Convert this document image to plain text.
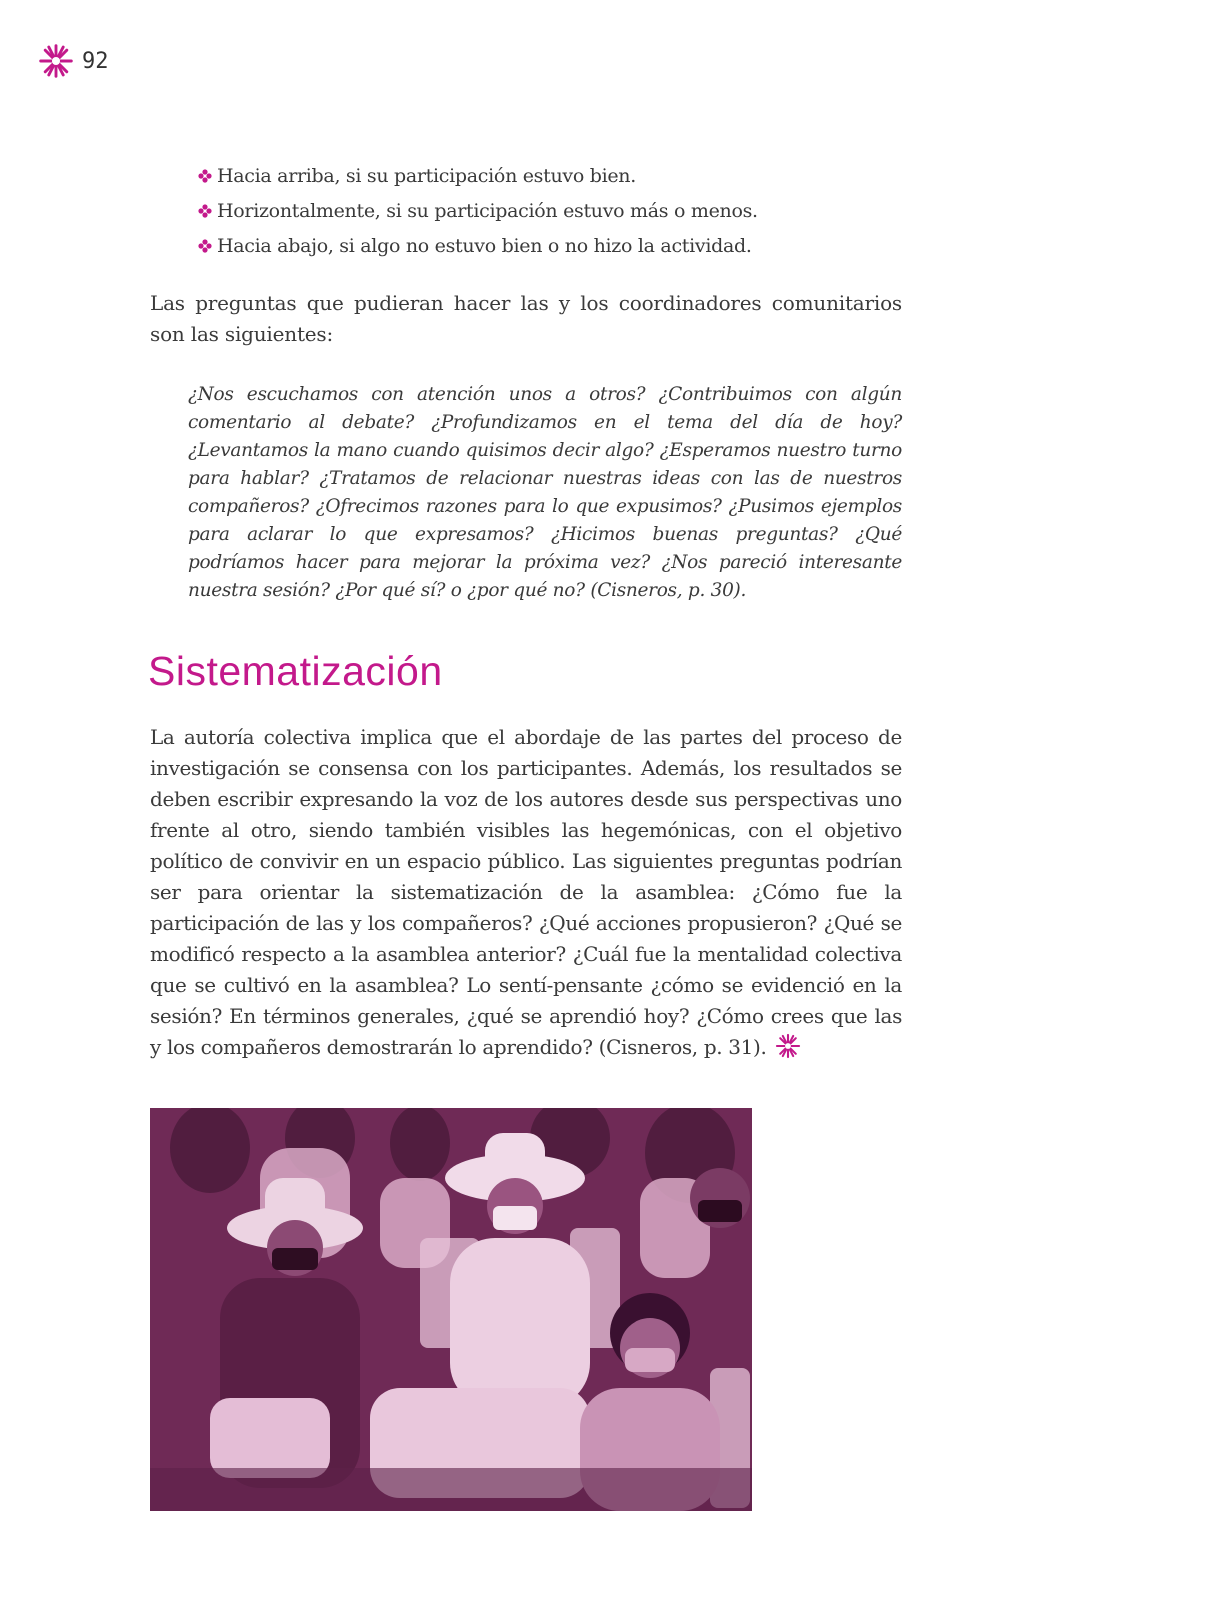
92
Hacia arriba, si su participación estuvo bien.
Horizontalmente, si su participación estuvo más o menos.
Hacia abajo, si algo no estuvo bien o no hizo la actividad.

Las preguntas que pudieran hacer las y los coordinadores comunitarios son las siguientes:

¿Nos escuchamos con atención unos a otros? ¿Contribuimos con algún comentario al debate? ¿Profundizamos en el tema del día de hoy? ¿Levantamos la mano cuando quisimos decir algo? ¿Esperamos nuestro turno para hablar? ¿Tratamos de relacionar nuestras ideas con las de nuestros compañeros? ¿Ofrecimos razones para lo que expusimos? ¿Pusimos ejemplos para aclarar lo que expresamos? ¿Hicimos buenas preguntas? ¿Qué podríamos hacer para mejorar la próxima vez? ¿Nos pareció interesante nuestra sesión? ¿Por qué sí? o ¿por qué no? (Cisneros, p. 30).

Sistematización

La autoría colectiva implica que el abordaje de las partes del proceso de investigación se consensa con los participantes. Además, los resultados se deben escribir expresando la voz de los autores desde sus perspectivas uno frente al otro, siendo también visibles las hegemónicas, con el objetivo político de convivir en un espacio público. Las siguientes preguntas podrían ser para orientar la sistematización de la asamblea: ¿Cómo fue la participación de las y los compañeros? ¿Qué acciones propusieron? ¿Qué se modificó respecto a la asamblea anterior? ¿Cuál fue la mentalidad colectiva que se cultivó en la asamblea? Lo sentí-pensante ¿cómo se evidenció en la sesión? En términos generales, ¿qué se aprendió hoy? ¿Cómo crees que las y los compañeros demostrarán lo aprendido? (Cisneros, p. 31).
